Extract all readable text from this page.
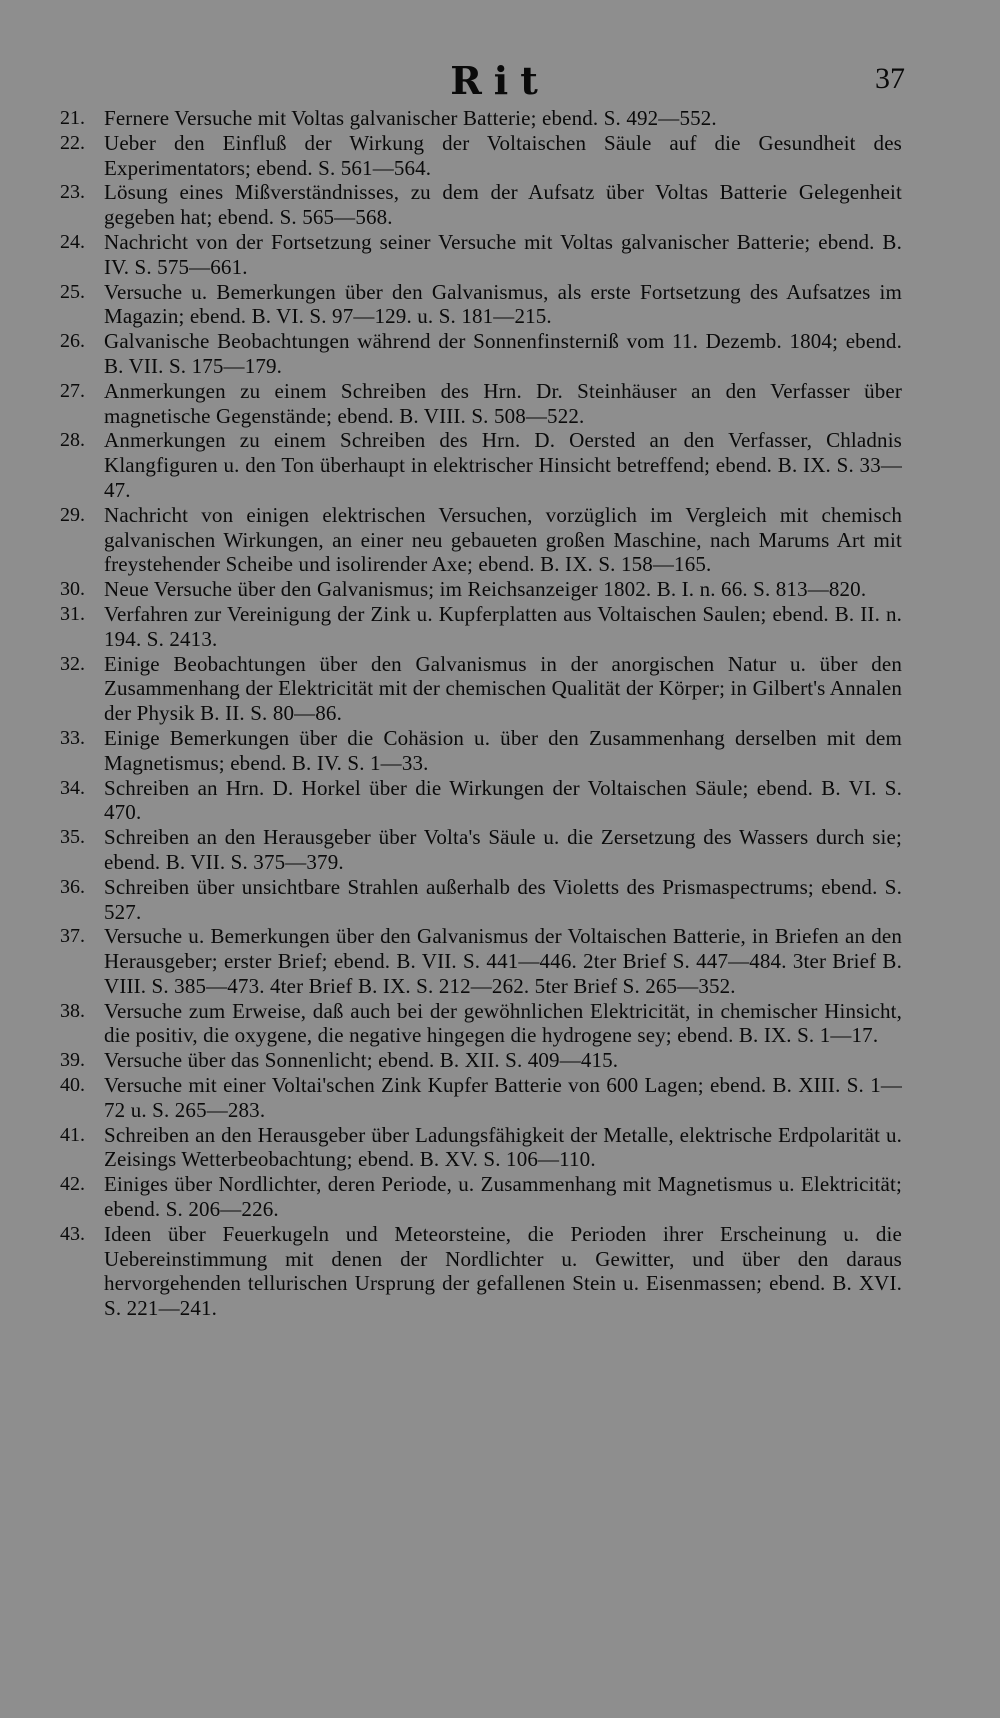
Rit	37
21. Fernere Versuche mit Voltas galvanischer Batterie; ebend. S. 492—552.
22. Ueber den Einfluß der Wirkung der Voltaischen Säule auf die Gesundheit des Experimentators; ebend. S. 561—564.
23. Lösung eines Mißverständnisses, zu dem der Aufsatz über Voltas Batterie Gelegenheit gegeben hat; ebend. S. 565—568.
24. Nachricht von der Fortsetzung seiner Versuche mit Voltas galvanischer Batterie; ebend. B. IV. S. 575—661.
25. Versuche u. Bemerkungen über den Galvanismus, als erste Fortsetzung des Aufsatzes im Magazin; ebend. B. VI. S. 97—129. u. S. 181—215.
26. Galvanische Beobachtungen während der Sonnenfinsterniß vom 11. Dezemb. 1804; ebend. B. VII. S. 175—179.
27. Anmerkungen zu einem Schreiben des Hrn. Dr. Steinhäuser an den Verfasser über magnetische Gegenstände; ebend. B. VIII. S. 508—522.
28. Anmerkungen zu einem Schreiben des Hrn. D. Oersted an den Verfasser, Chladnis Klangfiguren u. den Ton überhaupt in elektrischer Hinsicht betreffend; ebend. B. IX. S. 33—47.
29. Nachricht von einigen elektrischen Versuchen, vorzüglich im Vergleich mit chemisch galvanischen Wirkungen, an einer neu gebaueten großen Maschine, nach Marums Art mit freystehender Scheibe und isolirender Axe; ebend. B. IX. S. 158—165.
30. Neue Versuche über den Galvanismus; im Reichsanzeiger 1802. B. I. n. 66. S. 813—820.
31. Verfahren zur Vereinigung der Zink u. Kupferplatten aus Voltaischen Saulen; ebend. B. II. n. 194. S. 2413.
32. Einige Beobachtungen über den Galvanismus in der anorgischen Natur u. über den Zusammenhang der Elektricität mit der chemischen Qualität der Körper; in Gilbert's Annalen der Physik B. II. S. 80—86.
33. Einige Bemerkungen über die Cohäsion u. über den Zusammenhang derselben mit dem Magnetismus; ebend. B. IV. S. 1—33.
34. Schreiben an Hrn. D. Horkel über die Wirkungen der Voltaischen Säule; ebend. B. VI. S. 470.
35. Schreiben an den Herausgeber über Volta's Säule u. die Zersetzung des Wassers durch sie; ebend. B. VII. S. 375—379.
36. Schreiben über unsichtbare Strahlen außerhalb des Violetts des Prismaspectrums; ebend. S. 527.
37. Versuche u. Bemerkungen über den Galvanismus der Voltaischen Batterie, in Briefen an den Herausgeber; erster Brief; ebend. B. VII. S. 441—446. 2ter Brief S. 447—484. 3ter Brief B. VIII. S. 385—473. 4ter Brief B. IX. S. 212—262. 5ter Brief S. 265—352.
38. Versuche zum Erweise, daß auch bei der gewöhnlichen Elektricität, in chemischer Hinsicht, die positiv, die oxygene, die negative hingegen die hydrogene sey; ebend. B. IX. S. 1—17.
39. Versuche über das Sonnenlicht; ebend. B. XII. S. 409—415.
40. Versuche mit einer Voltai'schen Zink Kupfer Batterie von 600 Lagen; ebend. B. XIII. S. 1—72 u. S. 265—283.
41. Schreiben an den Herausgeber über Ladungsfähigkeit der Metalle, elektrische Erdpolarität u. Zeisings Wetterbeobachtung; ebend. B. XV. S. 106—110.
42. Einiges über Nordlichter, deren Periode, u. Zusammenhang mit Magnetismus u. Elektricität; ebend. S. 206—226.
43. Ideen über Feuerkugeln und Meteorsteine, die Perioden ihrer Erscheinung u. die Uebereinstimmung mit denen der Nordlichter u. Gewitter, und über den daraus hervorgehenden tellurischen Ursprung der gefallenen Stein u. Eisenmassen; ebend. B. XVI. S. 221—241.
